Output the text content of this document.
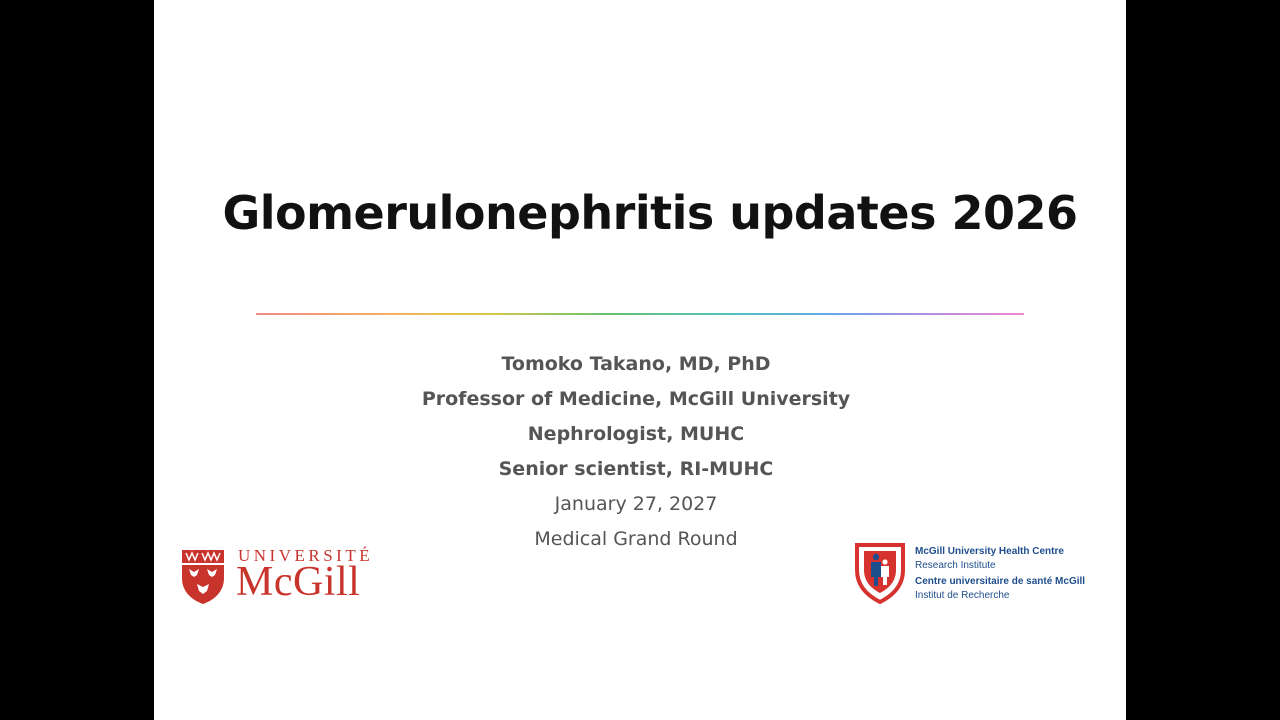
Glomerulonephritis updates 2026
Tomoko Takano, MD, PhD
Professor of Medicine, McGill University
Nephrologist, MUHC
Senior scientist, RI-MUHC
January 27, 2027
Medical Grand Round
UNIVERSITÉ
McGill
McGill University Health Centre
Research Institute
Centre universitaire de santé McGill
Institut de Recherche
